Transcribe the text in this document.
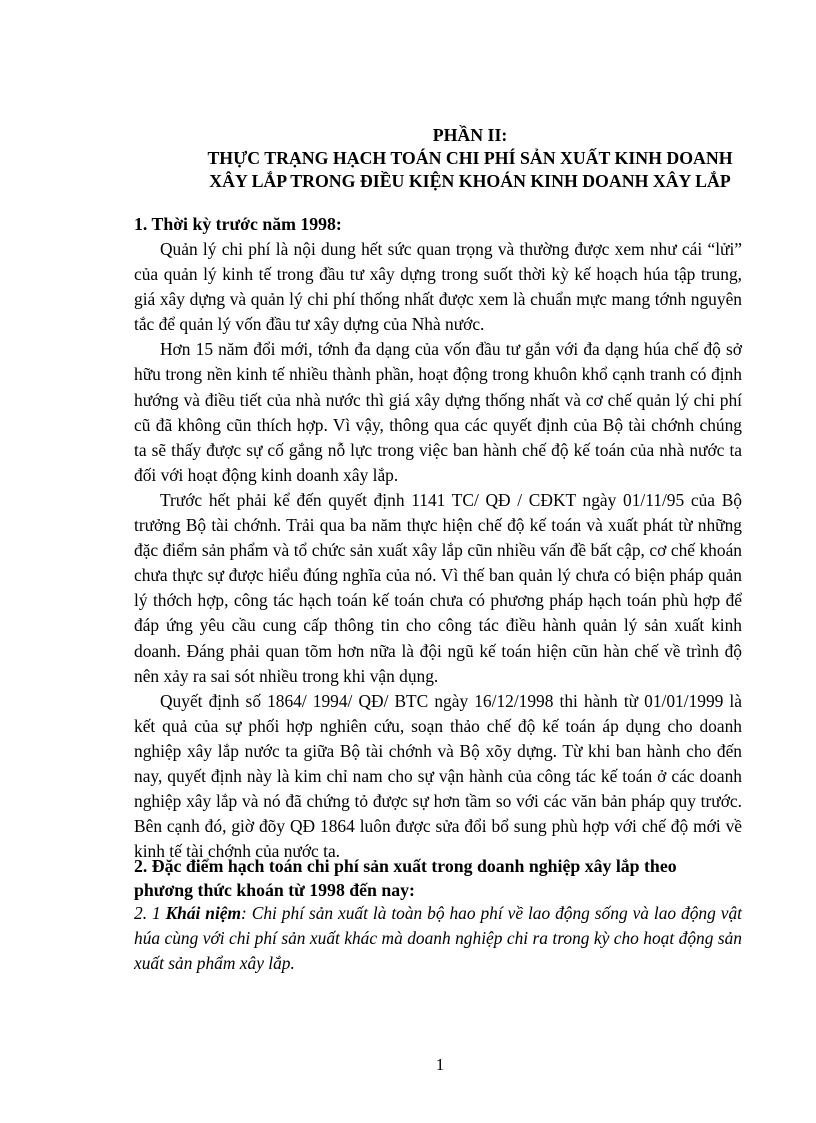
PHẦN II:
THỰC TRẠNG HẠCH TOÁN CHI PHÍ SẢN XUẤT KINH DOANH
XÂY LẮP TRONG ĐIỀU KIỆN KHOÁN KINH DOANH XÂY LẮP
1. Thời kỳ trước năm 1998:

Quản lý chi phí là nội dung hết sức quan trọng và thường được xem như cái “lửi” của quản lý kinh tế trong đầu tư xây dựng trong suốt thời kỳ kế hoạch húa tập trung, giá xây dựng và quản lý chi phí thống nhất được xem là chuẩn mực mang tớnh nguyên tắc để quản lý vốn đầu tư xây dựng của Nhà nước.

Hơn 15 năm đổi mới, tớnh đa dạng của vốn đầu tư gắn với đa dạng húa chế độ sở hữu trong nền kinh tế nhiều thành phần, hoạt động trong khuôn khổ cạnh tranh có định hướng và điều tiết của nhà nước thì giá xây dựng thống nhất và cơ chế quản lý chi phí cũ đã không cũn thích hợp. Vì vậy, thông qua các quyết định của Bộ tài chớnh chúng ta sẽ thấy được sự cố gắng nỗ lực trong việc ban hành chế độ kế toán của nhà nước ta đối với hoạt động kinh doanh xây lắp.

Trước hết phải kể đến quyết định 1141 TC/ QĐ / CĐKT ngày 01/11/95 của Bộ trưởng Bộ tài chớnh. Trải qua ba năm thực hiện chế độ kế toán và xuất phát từ những đặc điểm sản phẩm và tổ chức sản xuất xây lắp cũn nhiều vấn đề bất cập, cơ chế khoán chưa thực sự được hiểu đúng nghĩa của nó. Vì thế ban quản lý chưa có biện pháp quản lý thớch hợp, công tác hạch toán kế toán chưa có phương pháp hạch toán phù hợp để đáp ứng yêu cầu cung cấp thông tin cho công tác điều hành quản lý sản xuất kinh doanh. Đáng phải quan tõm hơn nữa là đội ngũ kế toán hiện cũn hàn chế về trình độ nên xảy ra sai sót nhiều trong khi vận dụng.

Quyết định số 1864/ 1994/ QĐ/ BTC ngày 16/12/1998 thi hành từ 01/01/1999 là kết quả của sự phối hợp nghiên cứu, soạn thảo chế độ kế toán áp dụng cho doanh nghiệp xây lắp nước ta giữa Bộ tài chớnh và Bộ xõy dựng. Từ khi ban hành cho đến nay, quyết định này là kim chỉ nam cho sự vận hành của công tác kế toán ở các doanh nghiệp xây lắp và nó đã chứng tỏ được sự hơn tầm so với các văn bản pháp quy trước. Bên cạnh đó, giờ đõy QĐ 1864 luôn được sửa đổi bổ sung phù hợp với chế độ mới về kinh tế tài chớnh của nước ta.

2. Đặc điểm hạch toán chi phí sản xuất trong doanh nghiệp xây lắp theo
phương thức khoán từ 1998 đến nay:
2. 1 Khái niệm: Chi phí sản xuất là toàn bộ hao phí về lao động sống và lao động vật húa cùng với chi phí sản xuất khác mà doanh nghiệp chi ra trong kỳ cho hoạt động sản xuất sản phẩm xây lắp.
1
